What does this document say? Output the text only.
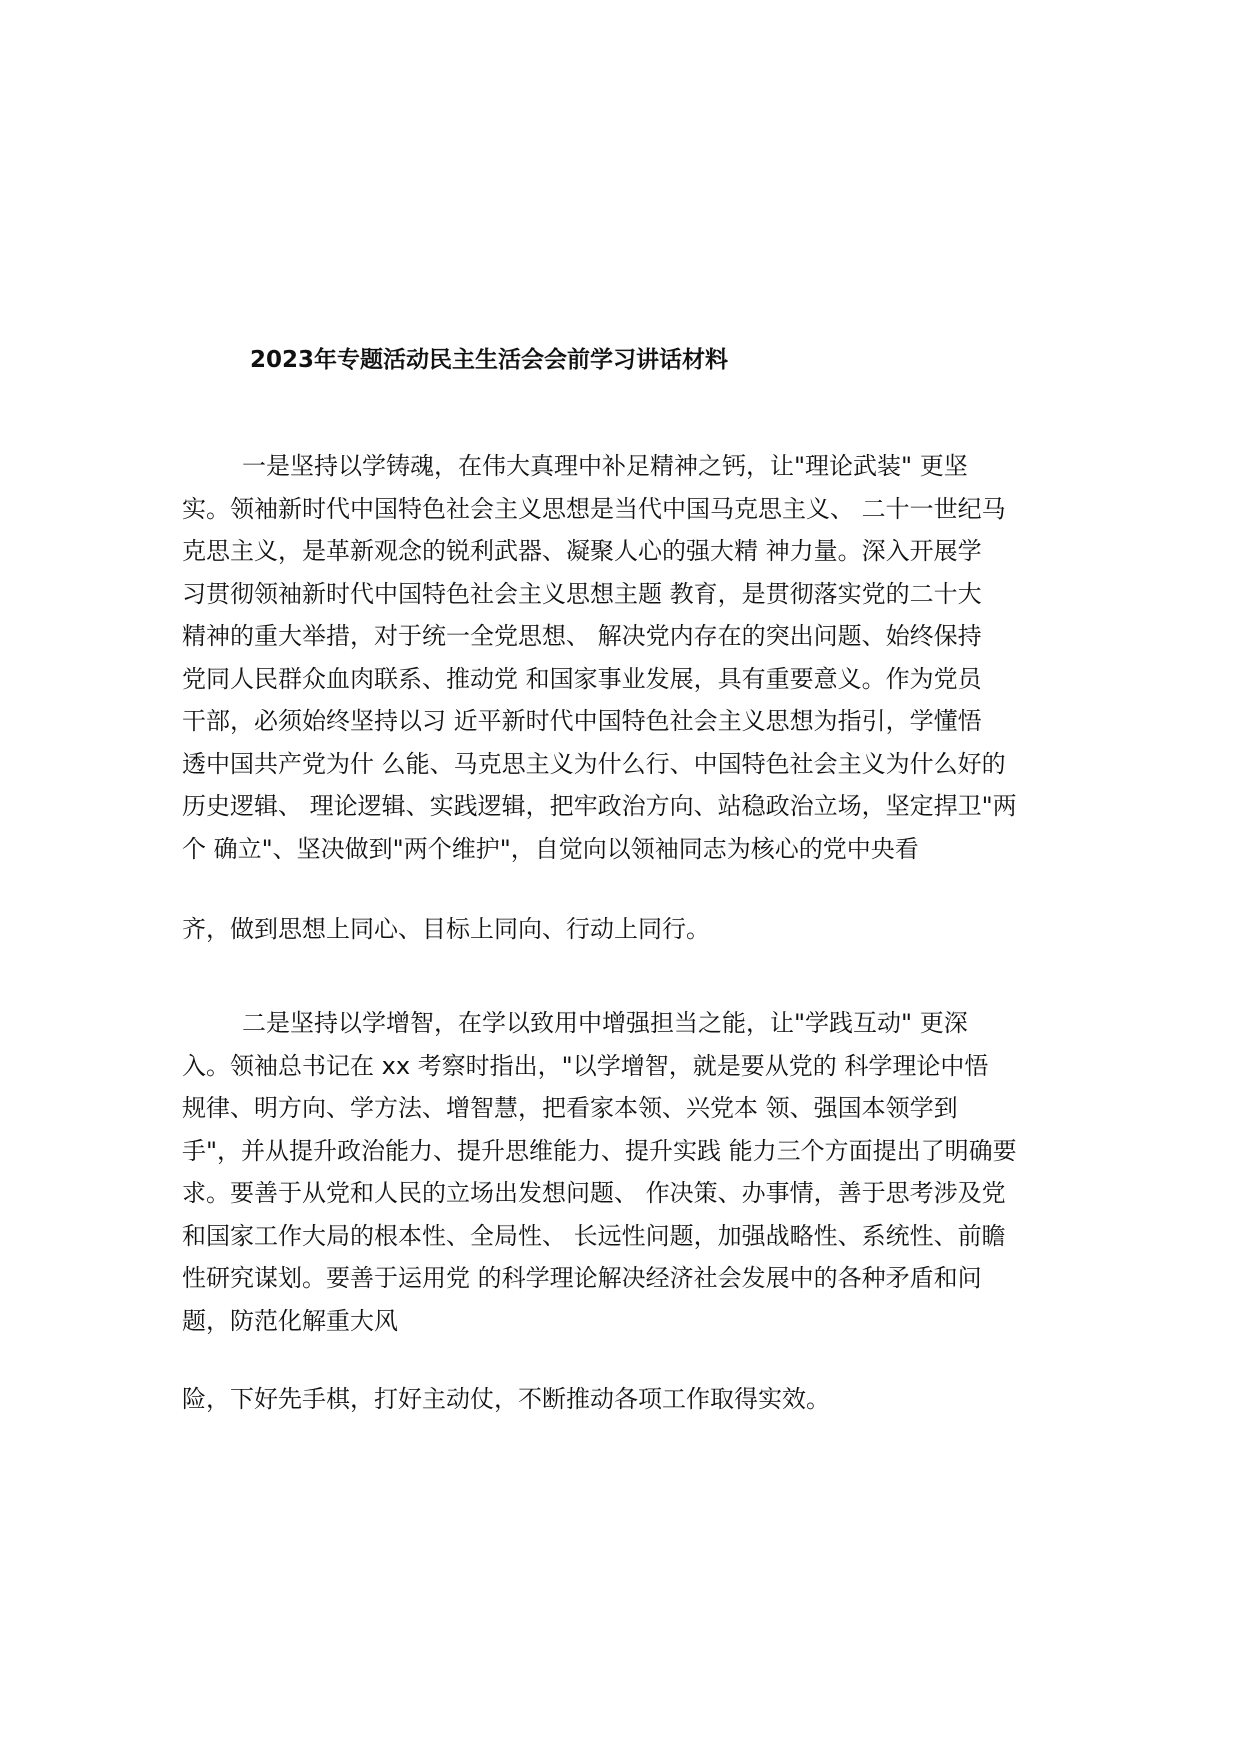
2023年专题活动民主生活会会前学习讲话材料
一是坚持以学铸魂，在伟大真理中补足精神之钙，让"理论武装" 更坚
实。领袖新时代中国特色社会主义思想是当代中国马克思主义、 二十一世纪马
克思主义，是革新观念的锐利武器、凝聚人心的强大精 神力量。深入开展学
习贯彻领袖新时代中国特色社会主义思想主题 教育，是贯彻落实党的二十大
精神的重大举措，对于统一全党思想、 解决党内存在的突出问题、始终保持
党同人民群众血肉联系、推动党 和国家事业发展，具有重要意义。作为党员
干部，必须始终坚持以习 近平新时代中国特色社会主义思想为指引，学懂悟
透中国共产党为什 么能、马克思主义为什么行、中国特色社会主义为什么好的
历史逻辑、 理论逻辑、实践逻辑，把牢政治方向、站稳政治立场，坚定捍卫"两
个 确立"、坚决做到"两个维护"，自觉向以领袖同志为核心的党中央看
齐，做到思想上同心、目标上同向、行动上同行。
二是坚持以学增智，在学以致用中增强担当之能，让"学践互动" 更深
入。领袖总书记在 xx 考察时指出，"以学增智，就是要从党的 科学理论中悟
规律、明方向、学方法、增智慧，把看家本领、兴党本 领、强国本领学到
手"，并从提升政治能力、提升思维能力、提升实践 能力三个方面提出了明确要
求。要善于从党和人民的立场出发想问题、 作决策、办事情，善于思考涉及党
和国家工作大局的根本性、全局性、 长远性问题，加强战略性、系统性、前瞻
性研究谋划。要善于运用党 的科学理论解决经济社会发展中的各种矛盾和问
题，防范化解重大风
险，下好先手棋，打好主动仗，不断推动各项工作取得实效。
